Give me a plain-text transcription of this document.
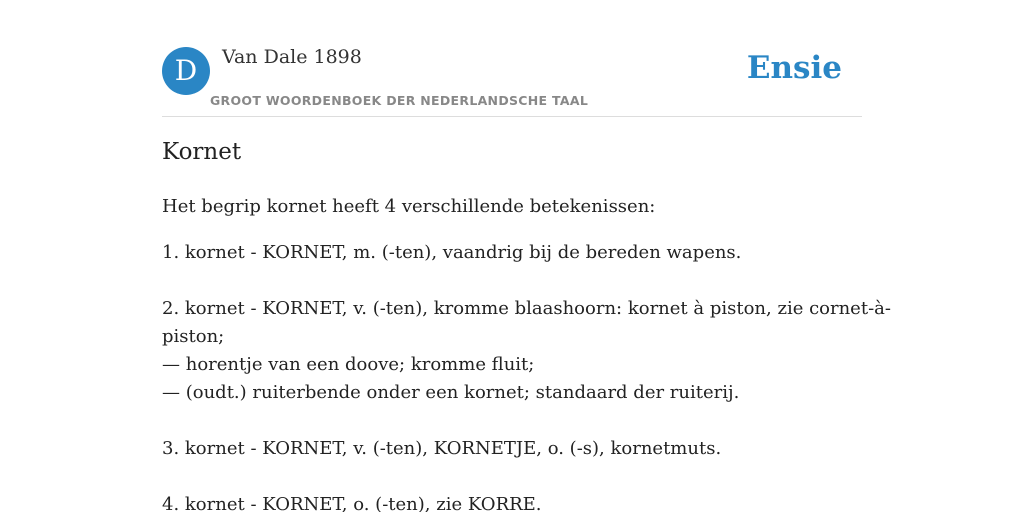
D	Van Dale 1898
GROOT WOORDENBOEK DER NEDERLANDSCHE TAAL
Ensie
Kornet
Het begrip kornet heeft 4 verschillende betekenissen:
1. kornet - KORNET, m. (-ten), vaandrig bij de bereden wapens.
2. kornet - KORNET, v. (-ten), kromme blaashoorn: kornet à piston, zie cornet-à-
piston;
— horentje van een doove; kromme fluit;
— (oudt.) ruiterbende onder een kornet; standaard der ruiterij.
3. kornet - KORNET, v. (-ten), KORNETJE, o. (-s), kornetmuts.
4. kornet - KORNET, o. (-ten), zie KORRE.
